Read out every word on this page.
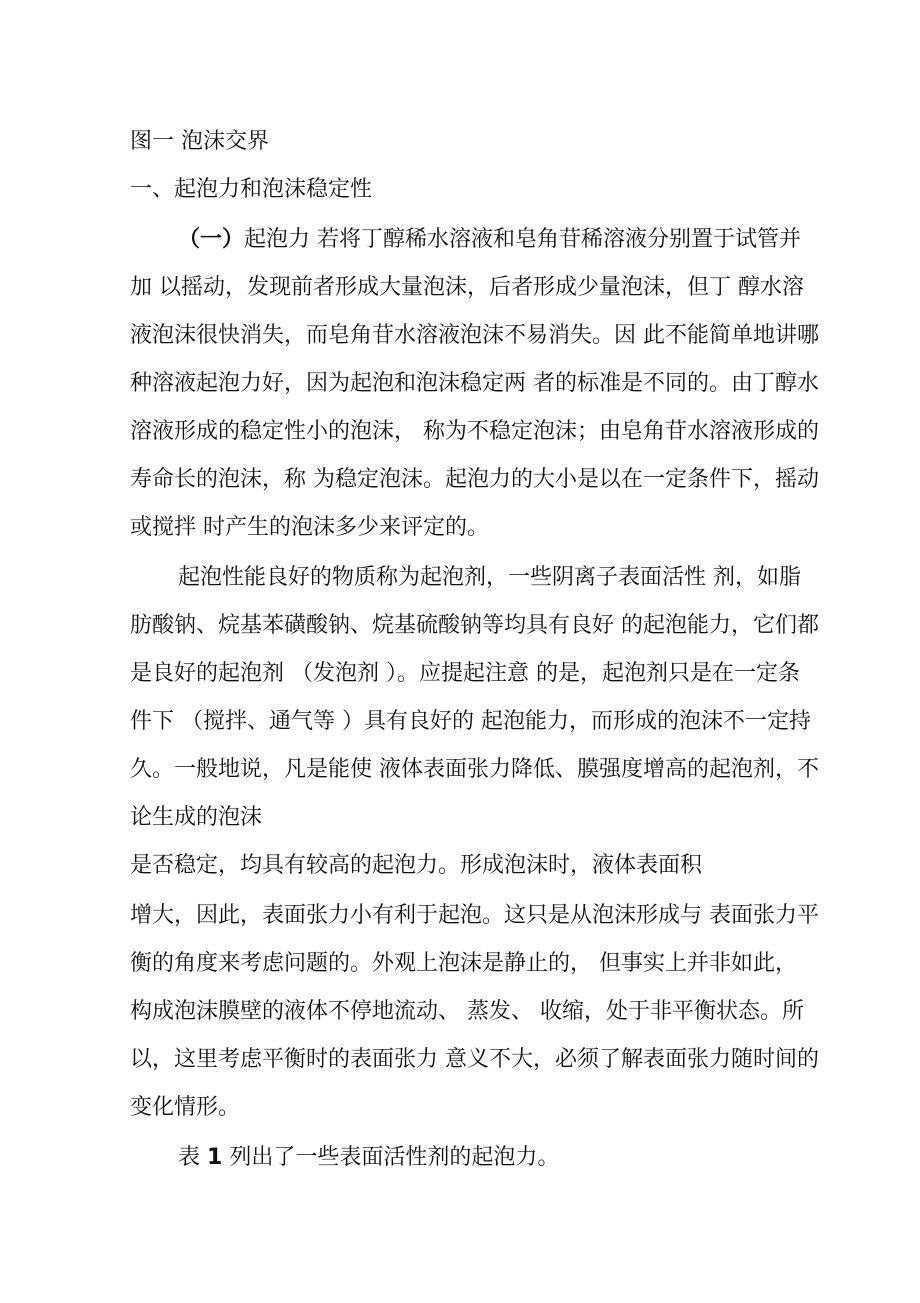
图一 泡沫交界
一、起泡力和泡沫稳定性
（一）起泡力 若将丁醇稀水溶液和皂角苷稀溶液分别置于试管并
加 以摇动，发现前者形成大量泡沫，后者形成少量泡沫，但丁 醇水溶
液泡沫很快消失，而皂角苷水溶液泡沫不易消失。因 此不能简单地讲哪
种溶液起泡力好，因为起泡和泡沫稳定两 者的标准是不同的。由丁醇水
溶液形成的稳定性小的泡沫， 称为不稳定泡沫；由皂角苷水溶液形成的
寿命长的泡沫，称 为稳定泡沫。起泡力的大小是以在一定条件下，摇动
或搅拌 时产生的泡沫多少来评定的。
起泡性能良好的物质称为起泡剂，一些阴离子表面活性 剂，如脂
肪酸钠、烷基苯磺酸钠、烷基硫酸钠等均具有良好 的起泡能力，它们都
是良好的起泡剂 （发泡剂 ）。应提起注意 的是，起泡剂只是在一定条
件下 （搅拌、通气等 ）具有良好的 起泡能力，而形成的泡沫不一定持
久。一般地说，凡是能使 液体表面张力降低、膜强度增高的起泡剂，不
论生成的泡沫
是否稳定，均具有较高的起泡力。形成泡沫时，液体表面积
增大，因此，表面张力小有利于起泡。这只是从泡沫形成与 表面张力平
衡的角度来考虑问题的。外观上泡沫是静止的， 但事实上并非如此，
构成泡沫膜壁的液体不停地流动、 蒸发、 收缩，处于非平衡状态。所
以，这里考虑平衡时的表面张力 意义不大，必须了解表面张力随时间的
变化情形。
表 1 列出了一些表面活性剂的起泡力。
